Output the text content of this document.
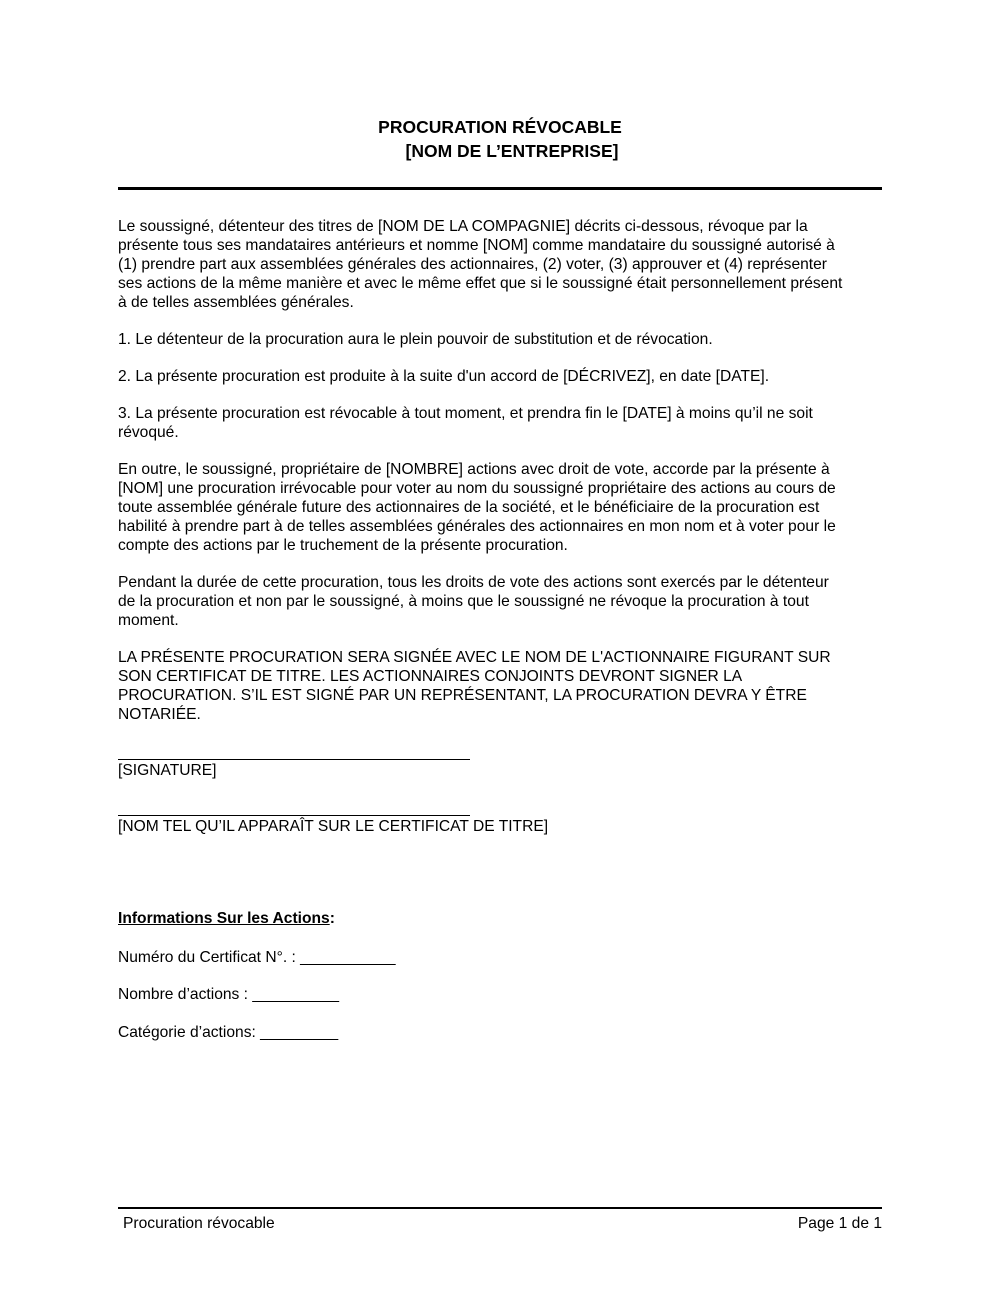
PROCURATION RÉVOCABLE
[NOM DE L’ENTREPRISE]
Le soussigné, détenteur des titres de [NOM DE LA COMPAGNIE] décrits ci-dessous, révoque par la
présente tous ses mandataires antérieurs et nomme [NOM] comme mandataire du soussigné autorisé à
(1) prendre part aux assemblées générales des actionnaires, (2) voter, (3) approuver et (4) représenter
ses actions de la même manière et avec le même effet que si le soussigné était personnellement présent
à de telles assemblées générales.
1. Le détenteur de la procuration aura le plein pouvoir de substitution et de révocation.
2. La présente procuration est produite à la suite d'un accord de [DÉCRIVEZ], en date [DATE].
3. La présente procuration est révocable à tout moment, et prendra fin le [DATE] à moins qu’il ne soit
révoqué.
En outre, le soussigné, propriétaire de [NOMBRE] actions avec droit de vote, accorde par la présente à
[NOM] une procuration irrévocable pour voter au nom du soussigné propriétaire des actions au cours de
toute assemblée générale future des actionnaires de la société, et le bénéficiaire de la procuration est
habilité à prendre part à de telles assemblées générales des actionnaires en mon nom et à voter pour le
compte des actions par le truchement de la présente procuration.
Pendant la durée de cette procuration, tous les droits de vote des actions sont exercés par le détenteur
de la procuration et non par le soussigné, à moins que le soussigné ne révoque la procuration à tout
moment.
LA PRÉSENTE PROCURATION SERA SIGNÉE AVEC LE NOM DE L'ACTIONNAIRE FIGURANT SUR
SON CERTIFICAT DE TITRE. LES ACTIONNAIRES CONJOINTS DEVRONT SIGNER LA
PROCURATION. S’IL EST SIGNÉ PAR UN REPRÉSENTANT, LA PROCURATION DEVRA Y ÊTRE
NOTARIÉE.
[SIGNATURE]
[NOM TEL QU’IL APPARAÎT SUR LE CERTIFICAT DE TITRE]
Informations Sur les Actions:
Numéro du Certificat N°. : ___________
Nombre d’actions : __________
Catégorie d’actions: _________
Procuration révocable	Page 1 de 1
